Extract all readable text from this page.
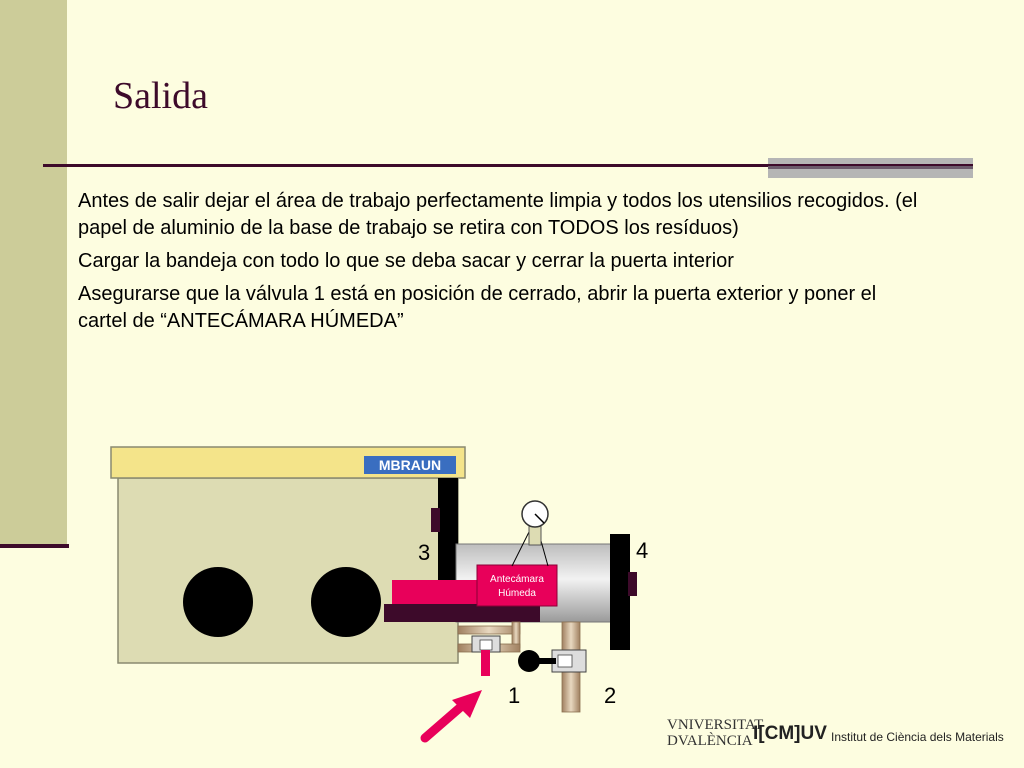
Salida
Antes de salir dejar el área de trabajo perfectamente limpia y todos los utensilios recogidos. (el papel de aluminio de la base de trabajo se retira con TODOS los resíduos)
Cargar la bandeja con todo lo que se deba sacar y cerrar la puerta interior
Asegurarse que la válvula 1 está en posición de cerrado, abrir la puerta exterior y poner el cartel de “ANTECÁMARA HÚMEDA”
MBRAUN
Antecámara
Húmeda
3	4
1	2
VNIVERSITAT
DVALÈNCIA I[CM]UV Institut de Ciència dels Materials
